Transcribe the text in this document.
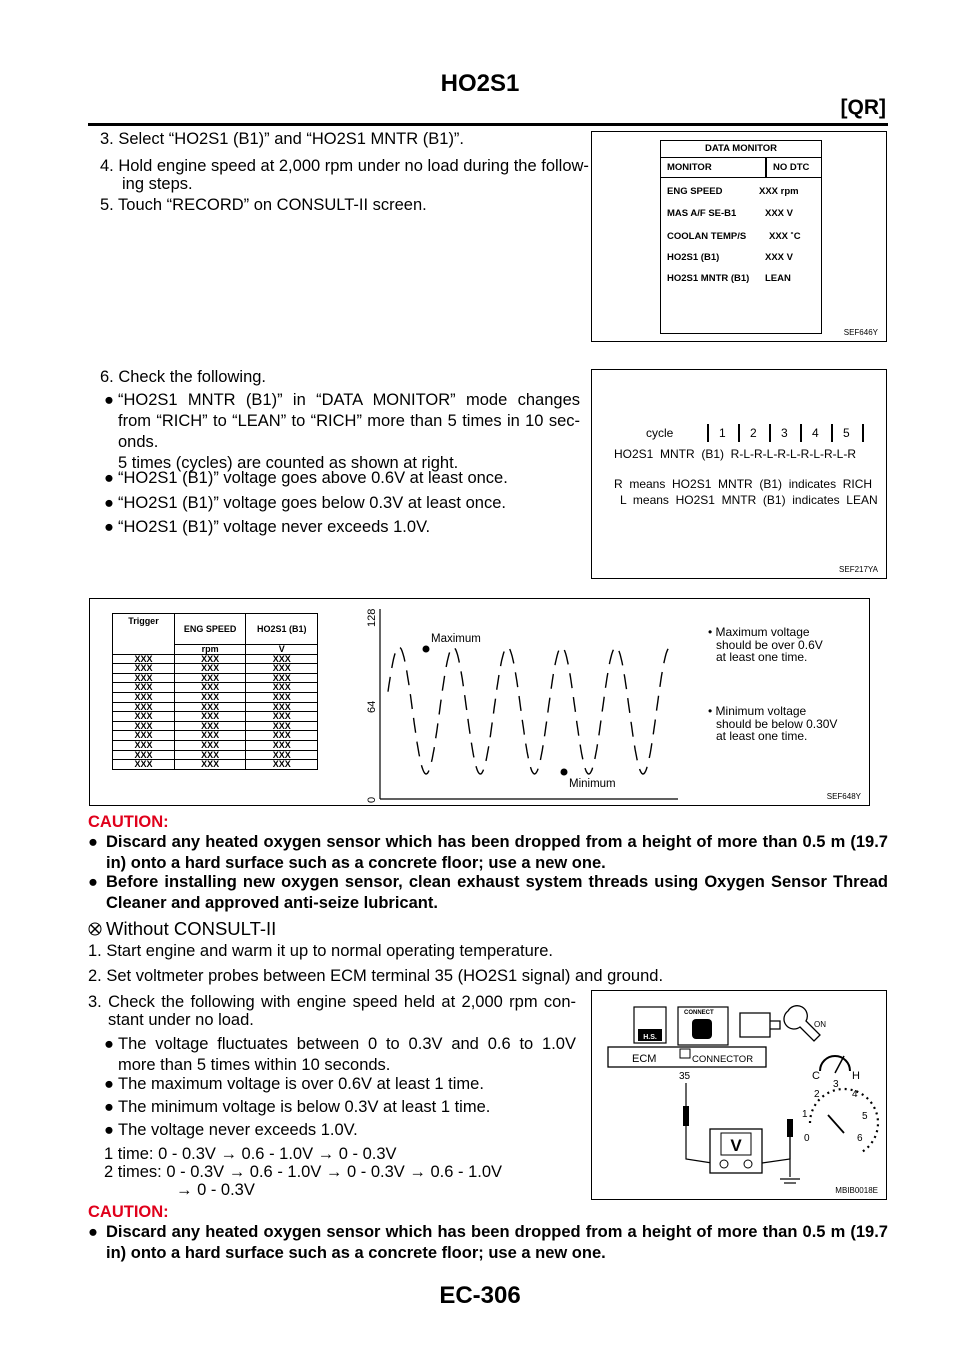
HO2S1
[QR]
3. Select “HO2S1 (B1)” and “HO2S1 MNTR (B1)”.
4. Hold engine speed at 2,000 rpm under no load during the follow-
ing steps.
5. Touch “RECORD” on CONSULT-II screen.
DATA MONITOR
MONITOR	NO DTC
ENG SPEED	XXX rpm
MAS A/F SE-B1	XXX V
COOLAN TEMP/S XXX ˚C
HO2S1 (B1)	XXX V
HO2S1 MNTR (B1) LEAN
SEF646Y
6. Check the following.
● “HO2S1 MNTR (B1)” in “DATA MONITOR” mode changes
from “RICH” to “LEAN” to “RICH” more than 5 times in 10 sec-
onds.
5 times (cycles) are counted as shown at right.
● “HO2S1 (B1)” voltage goes above 0.6V at least once.
● “HO2S1 (B1)” voltage goes below 0.3V at least once.
● “HO2S1 (B1)” voltage never exceeds 1.0V.
cycle	1 2 3 4 5
HO2S1  MNTR  (B1)  R-L-R-L-R-L-R-L-R-L-R
R  means  HO2S1  MNTR  (B1)  indicates  RICH
L  means  HO2S1  MNTR  (B1)  indicates  LEAN
SEF217YA
Trigger	ENG SPEED	HO2S1 (B1)
	rpm	V
XXX	XXX	XXX
XXX	XXX	XXX
XXX	XXX	XXX
XXX	XXX	XXX
XXX	XXX	XXX
XXX	XXX	XXX
XXX	XXX	XXX
XXX	XXX	XXX
XXX	XXX	XXX
XXX	XXX	XXX
XXX	XXX	XXX
XXX	XXX	XXX
Maximum
Minimum
0
64
128
• Maximum voltage
should be over 0.6V
at least one time.
• Minimum voltage
should be below 0.30V
at least one time.
SEF648Y
CAUTION:
● Discard any heated oxygen sensor which has been dropped from a height of more than 0.5 m (19.7
in) onto a hard surface such as a concrete floor; use a new one.
● Before installing new oxygen sensor, clean exhaust system threads using Oxygen Sensor Thread
Cleaner and approved anti-seize lubricant.
Without CONSULT-II
1. Start engine and warm it up to normal operating temperature.
2. Set voltmeter probes between ECM terminal 35 (HO2S1 signal) and ground.
3. Check the following with engine speed held at 2,000 rpm con-
stant under no load.
● The voltage fluctuates between 0 to 0.3V and 0.6 to 1.0V
more than 5 times within 10 seconds.
● The maximum voltage is over 0.6V at least 1 time.
● The minimum voltage is below 0.3V at least 1 time.
● The voltage never exceeds 1.0V.
1 time: 0 - 0.3V → 0.6 - 1.0V → 0 - 0.3V
2 times: 0 - 0.3V → 0.6 - 1.0V → 0 - 0.3V → 0.6 - 1.0V
→ 0 - 0.3V
H.S.
CONNECT
ON
ECM	CONNECTOR
35
V
C	H
0
1
2
3
4
5
6
MBIB0018E
CAUTION:
● Discard any heated oxygen sensor which has been dropped from a height of more than 0.5 m (19.7
in) onto a hard surface such as a concrete floor; use a new one.
EC-306
